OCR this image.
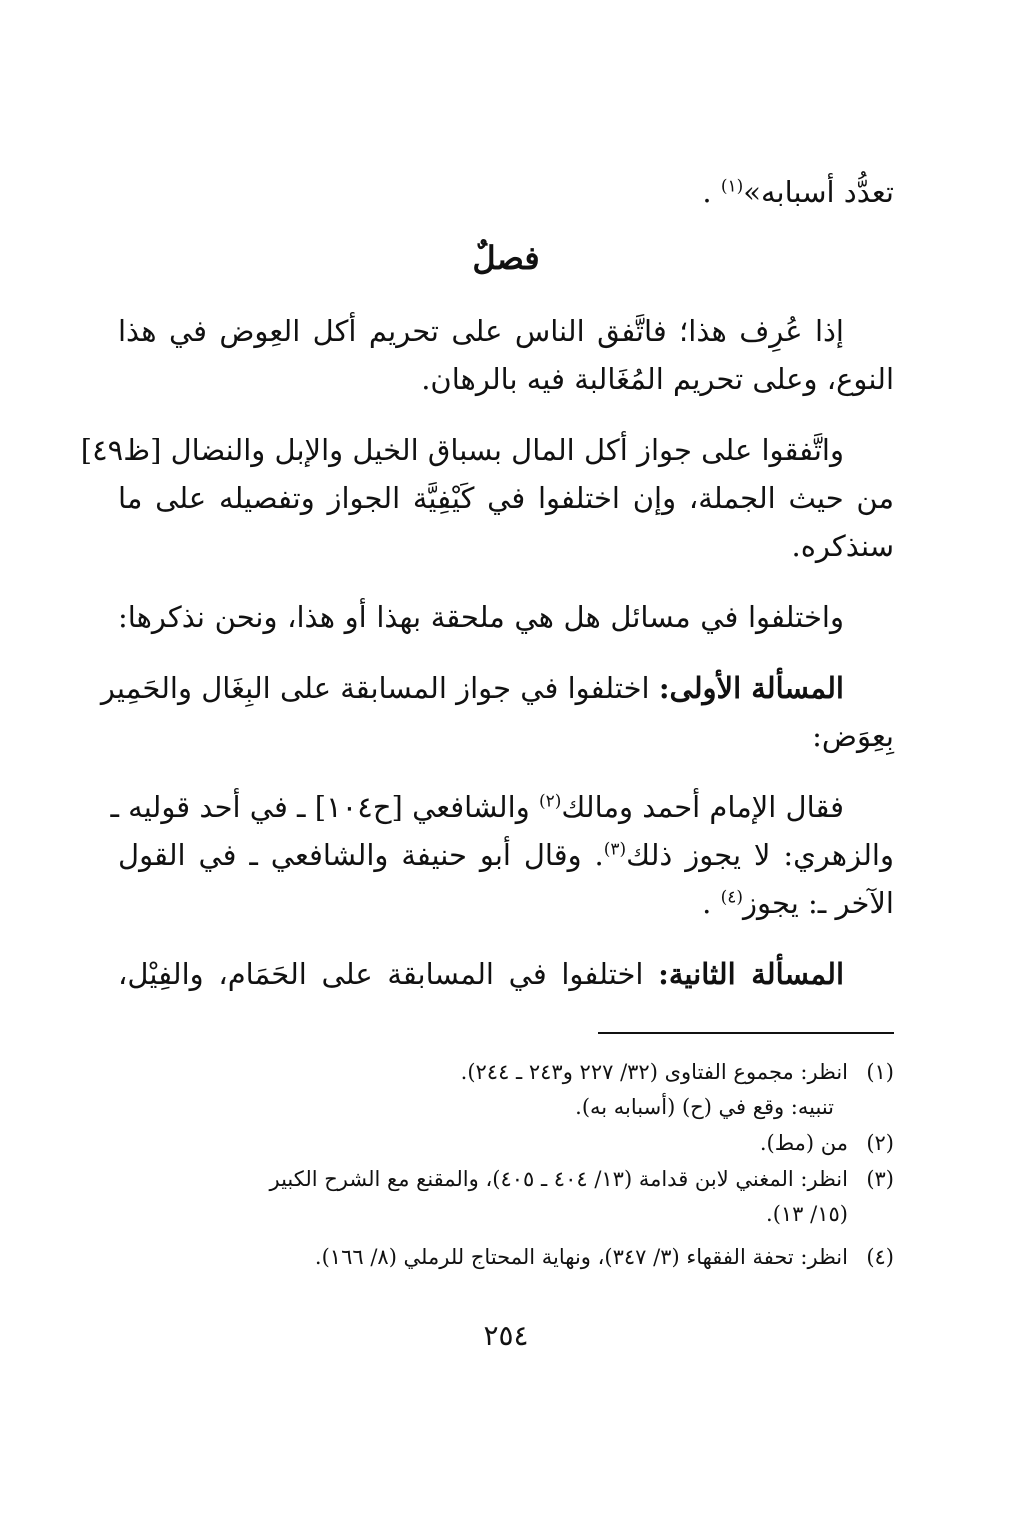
تعدُّد أسبابه»$^{(١)}$ .
فصلٌ
إذا عُرِف هذا؛ فاتَّفق الناس على تحريم أكل العِوض في هذا
النوع، وعلى تحريم المُغَالبة فيه بالرهان.
واتَّفقوا على جواز أكل المال بسباق الخيل والإبل والنضال [ظ٤٩]
من حيث الجملة، وإن اختلفوا في كَيْفِيَّة الجواز وتفصيله على ما
سنذكره.
واختلفوا في مسائل هل هي ملحقة بهذا أو هذا، ونحن نذكرها:
المسألة الأولى: اختلفوا في جواز المسابقة على البِغَال والحَمِير
بِعِوَض:
فقال الإمام أحمد ومالك$^{(٢)}$ والشافعي [ح١٠٤] ـ في أحد قوليه ـ
والزهري: لا يجوز ذلك$^{(٣)}$. وقال أبو حنيفة والشافعي ـ في القول
الآخر ـ: يجوز$^{(٤)}$ .
المسألة الثانية: اختلفوا في المسابقة على الحَمَام، والفِيْل،
(١)انظر: مجموع الفتاوى (٣٢/ ٢٢٧ و٢٤٣ ـ ٢٤٤).
تنبيه: وقع في (ح) (أسبابه به).
(٢)من (مط).
(٣)انظر: المغني لابن قدامة (١٣/ ٤٠٤ ـ ٤٠٥)، والمقنع مع الشرح الكبير
(١٥/ ١٣).
(٤)انظر: تحفة الفقهاء (٣/ ٣٤٧)، ونهاية المحتاج للرملي (٨/ ١٦٦).
٢٥٤
